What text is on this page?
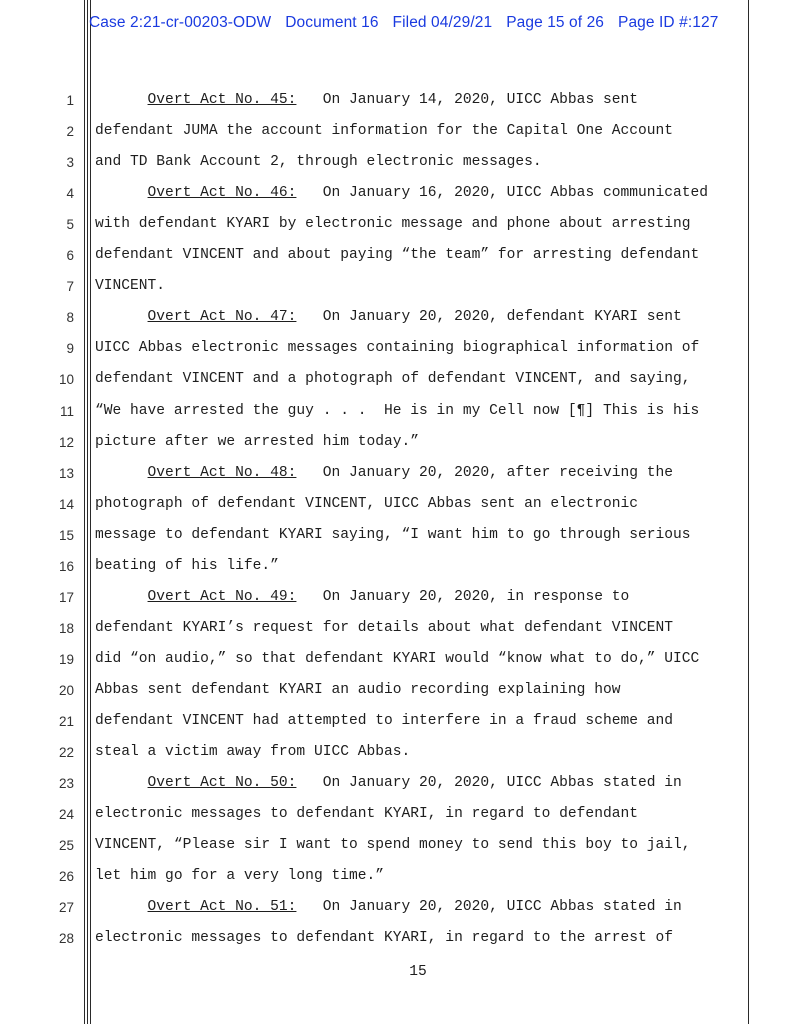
Case 2:21-cr-00203-ODW Document 16 Filed 04/29/21 Page 15 of 26 Page ID #:127
1	Overt Act No. 45:   On January 14, 2020, UICC Abbas sent
2 defendant JUMA the account information for the Capital One Account
3 and TD Bank Account 2, through electronic messages.
4	Overt Act No. 46:   On January 16, 2020, UICC Abbas communicated
5 with defendant KYARI by electronic message and phone about arresting
6 defendant VINCENT and about paying “the team” for arresting defendant
7 VINCENT.
8	Overt Act No. 47:   On January 20, 2020, defendant KYARI sent
9 UICC Abbas electronic messages containing biographical information of
10 defendant VINCENT and a photograph of defendant VINCENT, and saying,
11 “We have arrested the guy . . .  He is in my Cell now [¶] This is his
12 picture after we arrested him today.”
13	Overt Act No. 48:   On January 20, 2020, after receiving the
14 photograph of defendant VINCENT, UICC Abbas sent an electronic
15 message to defendant KYARI saying, “I want him to go through serious
16 beating of his life.”
17	Overt Act No. 49:   On January 20, 2020, in response to
18 defendant KYARI’s request for details about what defendant VINCENT
19 did “on audio,” so that defendant KYARI would “know what to do,” UICC
20 Abbas sent defendant KYARI an audio recording explaining how
21 defendant VINCENT had attempted to interfere in a fraud scheme and
22 steal a victim away from UICC Abbas.
23	Overt Act No. 50:   On January 20, 2020, UICC Abbas stated in
24 electronic messages to defendant KYARI, in regard to defendant
25 VINCENT, “Please sir I want to spend money to send this boy to jail,
26 let him go for a very long time.”
27	Overt Act No. 51:   On January 20, 2020, UICC Abbas stated in
28 electronic messages to defendant KYARI, in regard to the arrest of
15
